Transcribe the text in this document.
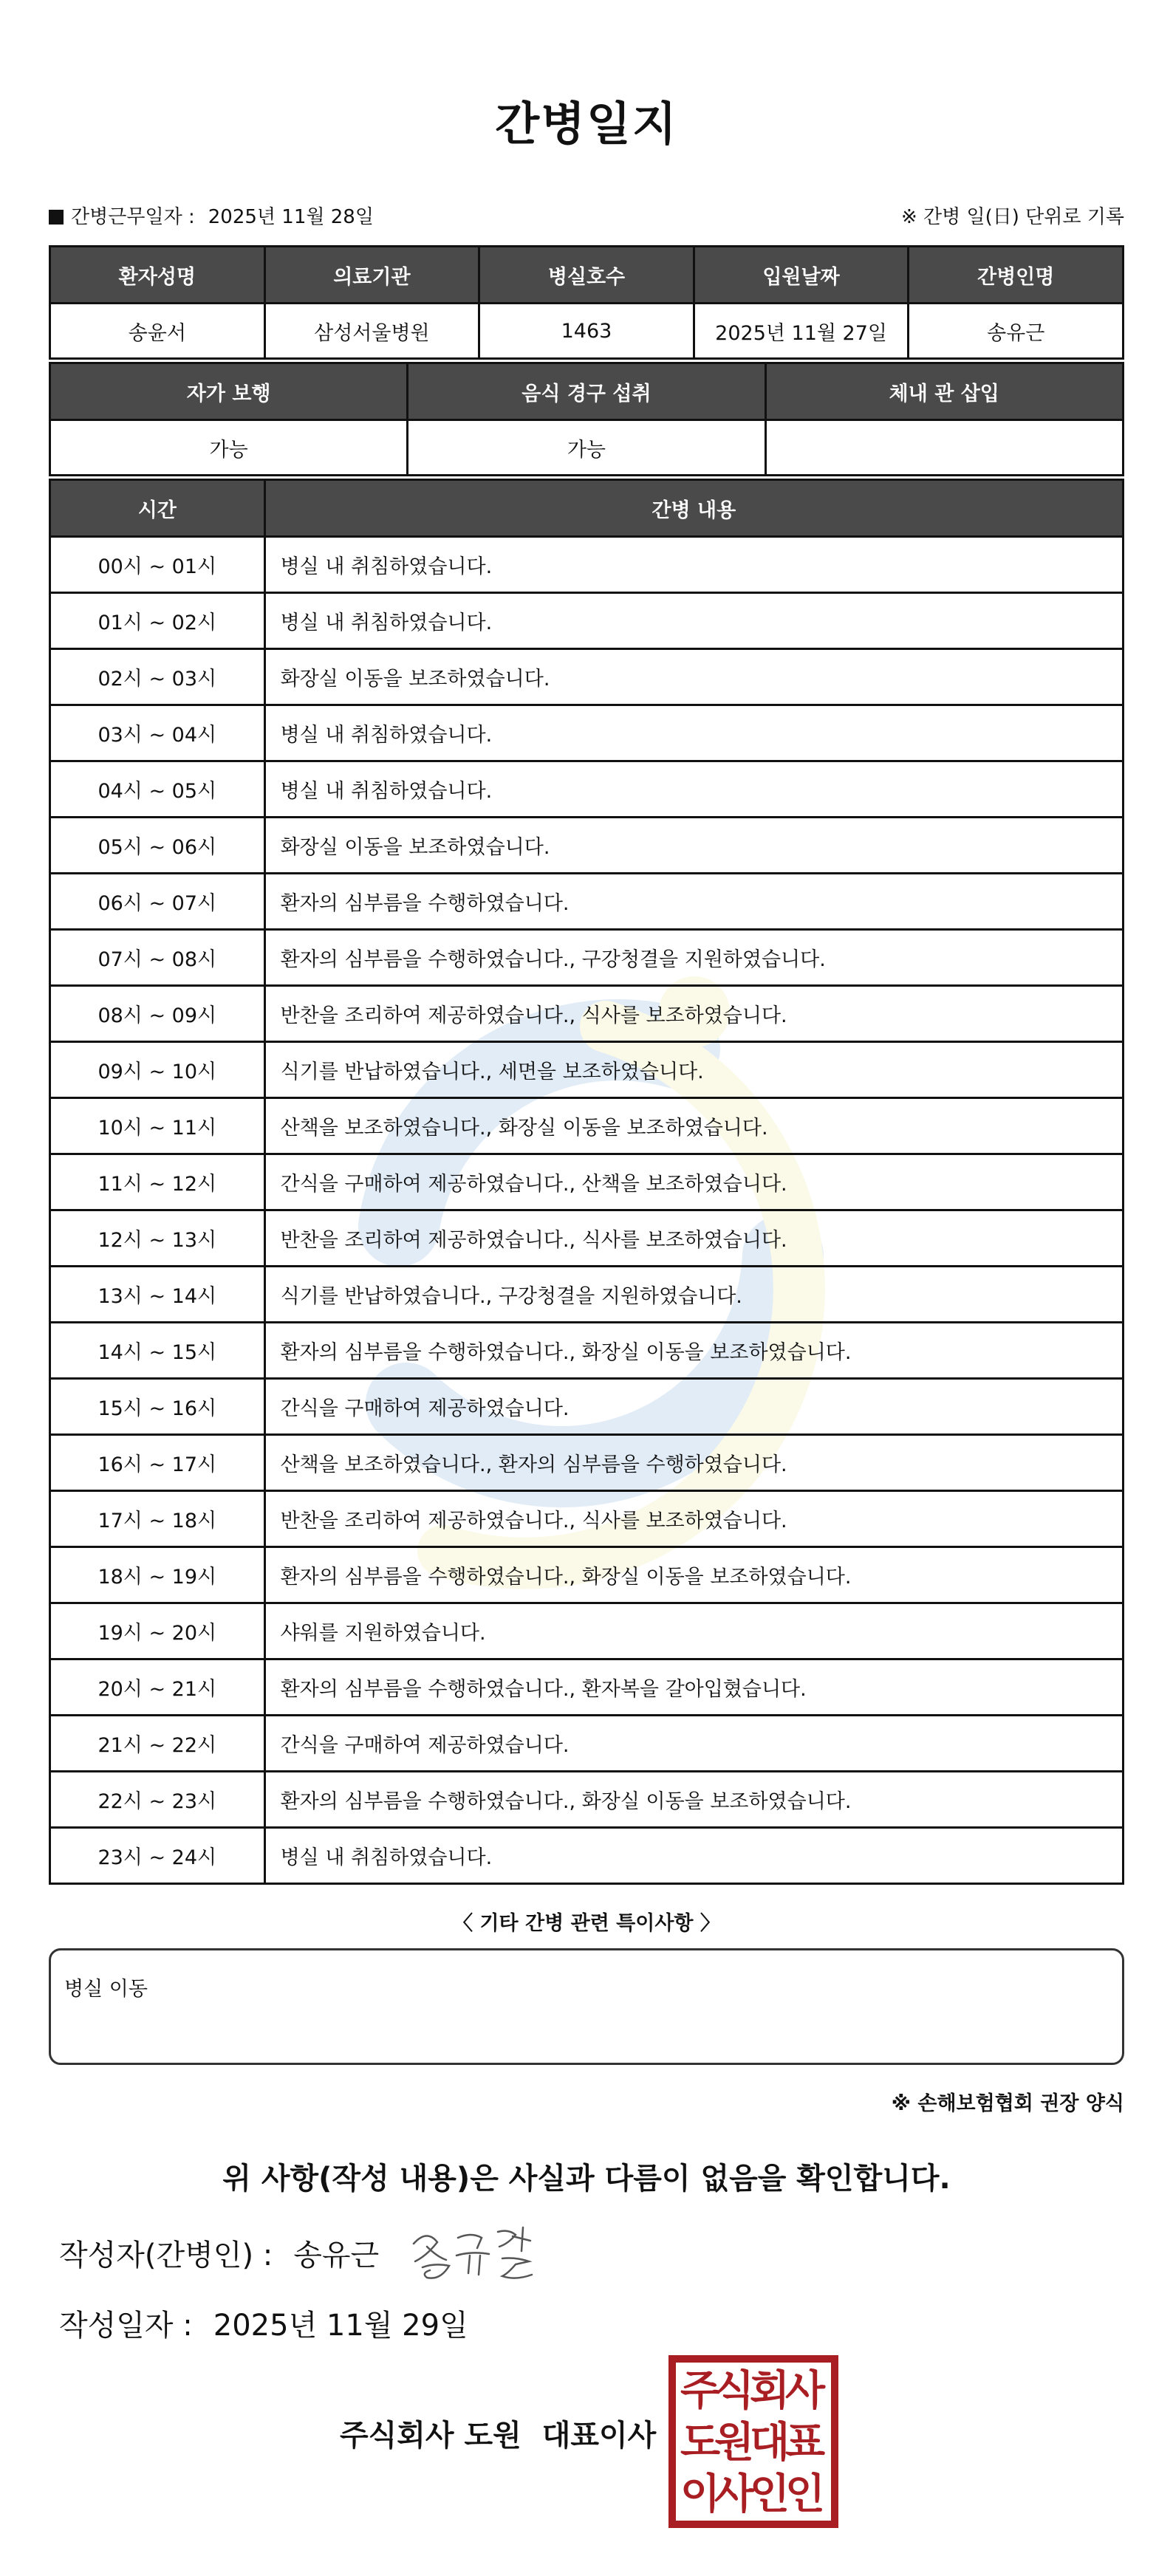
간병일지
간병근무일자 : 2025년 11월 28일	※ 간병 일(日) 단위로 기록
환자성명	의료기관	병실호수	입원날짜	간병인명
송윤서	삼성서울병원	1463	2025년 11월 27일	송유근
자가 보행	음식 경구 섭취	체내 관 삽입
가능	가능	
시간	간병 내용
00시 ~ 01시	병실 내 취침하였습니다.
01시 ~ 02시	병실 내 취침하였습니다.
02시 ~ 03시	화장실 이동을 보조하였습니다.
03시 ~ 04시	병실 내 취침하였습니다.
04시 ~ 05시	병실 내 취침하였습니다.
05시 ~ 06시	화장실 이동을 보조하였습니다.
06시 ~ 07시	환자의 심부름을 수행하였습니다.
07시 ~ 08시	환자의 심부름을 수행하였습니다., 구강청결을 지원하였습니다.
08시 ~ 09시	반찬을 조리하여 제공하였습니다., 식사를 보조하였습니다.
09시 ~ 10시	식기를 반납하였습니다., 세면을 보조하였습니다.
10시 ~ 11시	산책을 보조하였습니다., 화장실 이동을 보조하였습니다.
11시 ~ 12시	간식을 구매하여 제공하였습니다., 산책을 보조하였습니다.
12시 ~ 13시	반찬을 조리하여 제공하였습니다., 식사를 보조하였습니다.
13시 ~ 14시	식기를 반납하였습니다., 구강청결을 지원하였습니다.
14시 ~ 15시	환자의 심부름을 수행하였습니다., 화장실 이동을 보조하였습니다.
15시 ~ 16시	간식을 구매하여 제공하였습니다.
16시 ~ 17시	산책을 보조하였습니다., 환자의 심부름을 수행하였습니다.
17시 ~ 18시	반찬을 조리하여 제공하였습니다., 식사를 보조하였습니다.
18시 ~ 19시	환자의 심부름을 수행하였습니다., 화장실 이동을 보조하였습니다.
19시 ~ 20시	샤워를 지원하였습니다.
20시 ~ 21시	환자의 심부름을 수행하였습니다., 환자복을 갈아입혔습니다.
21시 ~ 22시	간식을 구매하여 제공하였습니다.
22시 ~ 23시	환자의 심부름을 수행하였습니다., 화장실 이동을 보조하였습니다.
23시 ~ 24시	병실 내 취침하였습니다.
〈 기타 간병 관련 특이사항 〉
병실 이동
※ 손해보험협회 권장 양식
위 사항(작성 내용)은 사실과 다름이 없음을 확인합니다.
작성자(간병인) : 송유근
작성일자 : 2025년 11월 29일
주식회사 도원 대표이사
주
식
회
사
도
원
대
표
이
사
인
인
